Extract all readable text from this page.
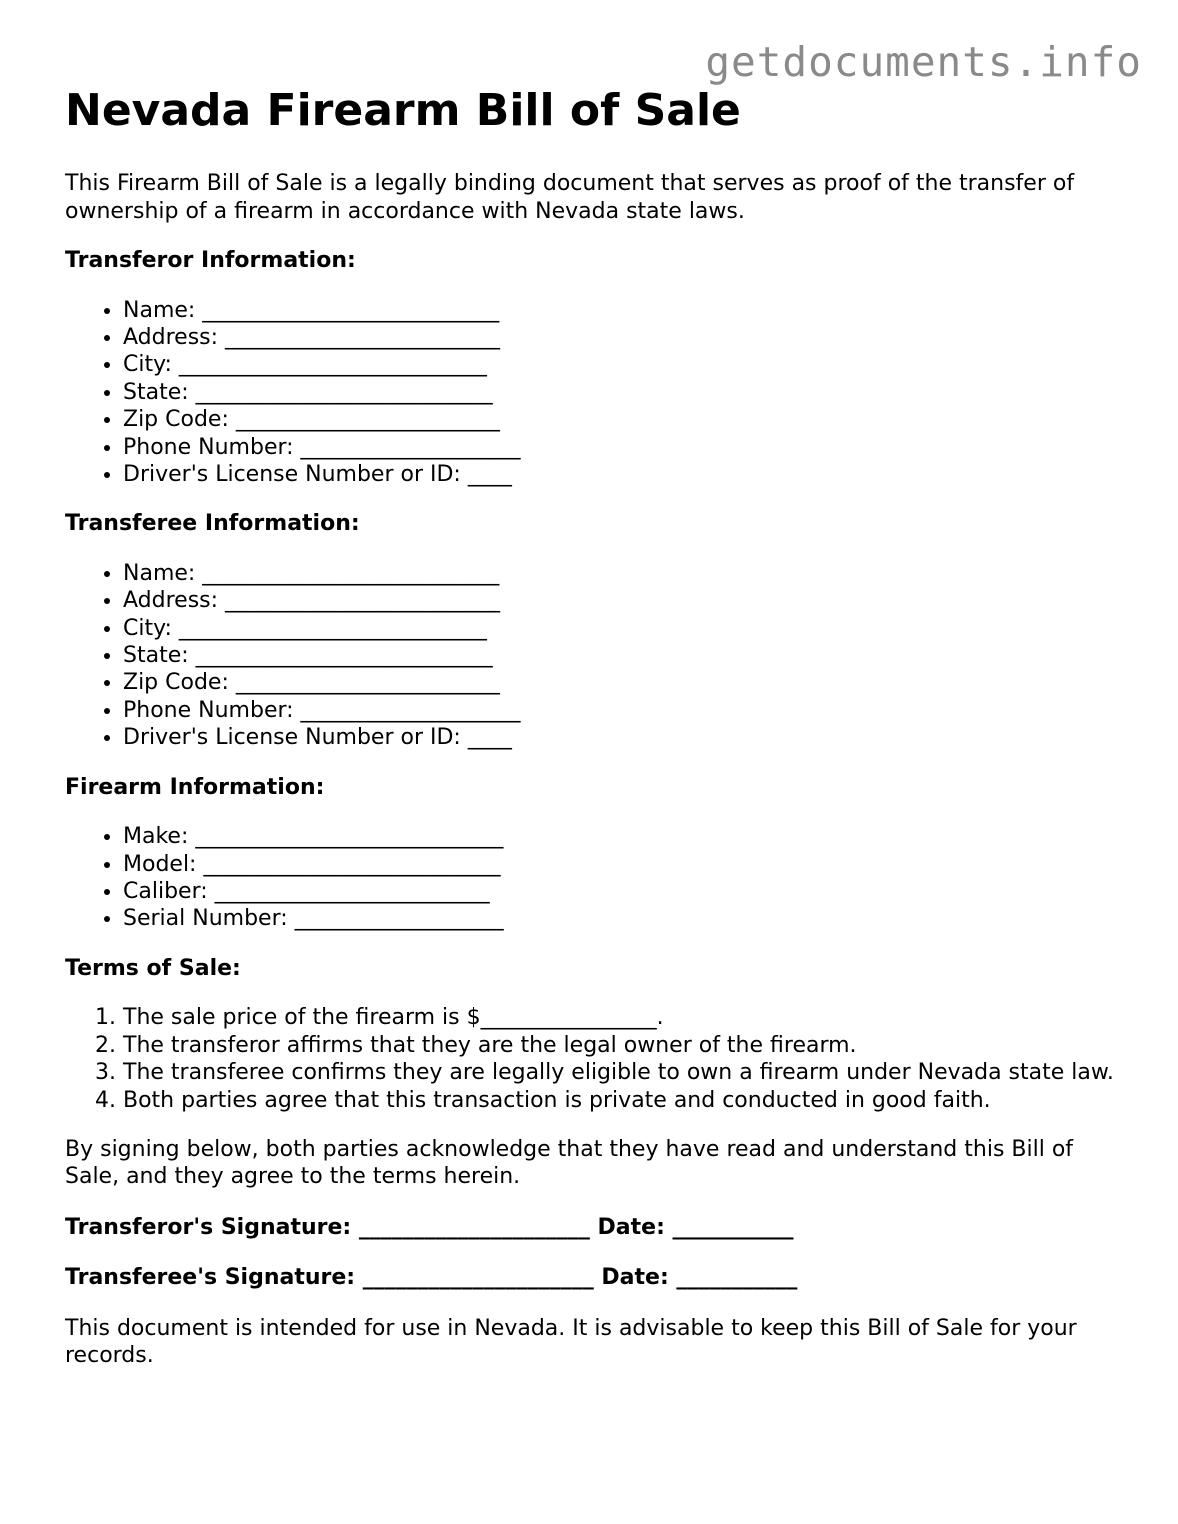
getdocuments.info
Nevada Firearm Bill of Sale

This Firearm Bill of Sale is a legally binding document that serves as proof of the transfer of ownership of a firearm in accordance with Nevada state laws.

Transferor Information:
• Name: ___________________________
• Address: _________________________
• City: ____________________________
• State: ___________________________
• Zip Code: ________________________
• Phone Number: ____________________
• Driver's License Number or ID: ____
Transferee Information:
• Name: ___________________________
• Address: _________________________
• City: ____________________________
• State: ___________________________
• Zip Code: ________________________
• Phone Number: ____________________
• Driver's License Number or ID: ____
Firearm Information:
• Make: ____________________________
• Model: ___________________________
• Caliber: _________________________
• Serial Number: ___________________
Terms of Sale:
1. The sale price of the firearm is $________________.
2. The transferor affirms that they are the legal owner of the firearm.
3. The transferee confirms they are legally eligible to own a firearm under Nevada state law.
4. Both parties agree that this transaction is private and conducted in good faith.

By signing below, both parties acknowledge that they have read and understand this Bill of Sale, and they agree to the terms herein.

Transferor's Signature: _____________________ Date: ___________
Transferee's Signature: _____________________ Date: ___________

This document is intended for use in Nevada. It is advisable to keep this Bill of Sale for your records.
